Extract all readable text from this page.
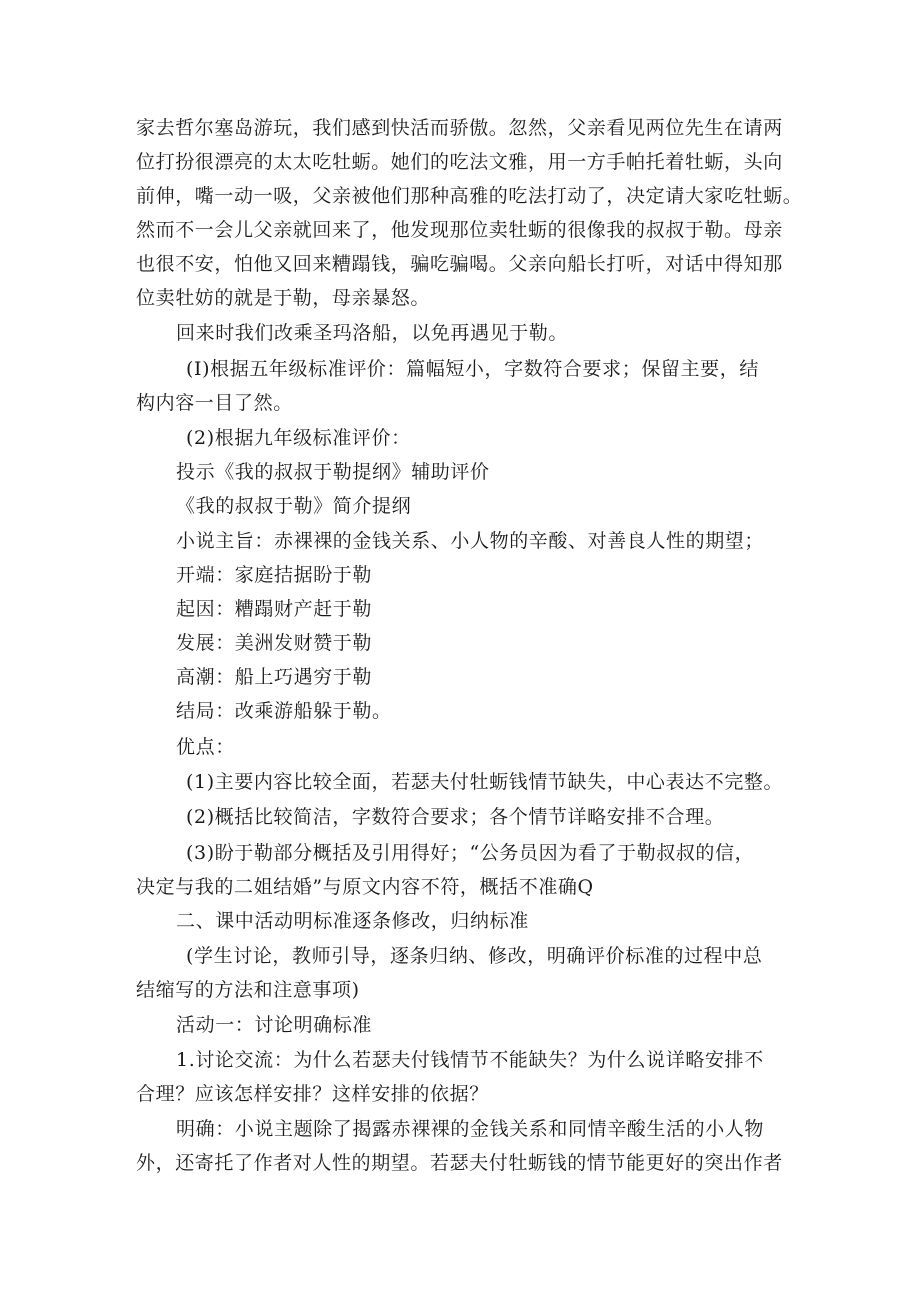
家去哲尔塞岛游玩，我们感到快活而骄傲。忽然，父亲看见两位先生在请两
位打扮很漂亮的太太吃牡蛎。她们的吃法文雅，用一方手帕托着牡蛎，头向
前伸，嘴一动一吸，父亲被他们那种高雅的吃法打动了，决定请大家吃牡蛎。
然而不一会儿父亲就回来了，他发现那位卖牡蛎的很像我的叔叔于勒。母亲
也很不安，怕他又回来糟蹋钱，骗吃骗喝。父亲向船长打听，对话中得知那
位卖牡妨的就是于勒，母亲暴怒。
回来时我们改乘圣玛洛船，以免再遇见于勒。
(I)根据五年级标准评价：篇幅短小，字数符合要求；保留主要，结
构内容一目了然。
(2)根据九年级标准评价：
投示《我的叔叔于勒提纲》辅助评价
《我的叔叔于勒》简介提纲
小说主旨：赤裸裸的金钱关系、小人物的辛酸、对善良人性的期望；
开端：家庭拮据盼于勒
起因：糟蹋财产赶于勒
发展：美洲发财赞于勒
高潮：船上巧遇穷于勒
结局：改乘游船躲于勒。
优点：
(1)主要内容比较全面，若瑟夫付牡蛎钱情节缺失，中心表达不完整。
(2)概括比较简洁，字数符合要求；各个情节详略安排不合理。
(3)盼于勒部分概括及引用得好；“公务员因为看了于勒叔叔的信，
决定与我的二姐结婚”与原文内容不符，概括不准确Q
二、课中活动明标准逐条修改，归纳标准
(学生讨论，教师引导，逐条归纳、修改，明确评价标准的过程中总
结缩写的方法和注意事项)
活动一：讨论明确标准
1.讨论交流：为什么若瑟夫付钱情节不能缺失？为什么说详略安排不
合理？应该怎样安排？这样安排的依据？
明确：小说主题除了揭露赤裸裸的金钱关系和同情辛酸生活的小人物
外，还寄托了作者对人性的期望。若瑟夫付牡蛎钱的情节能更好的突出作者
